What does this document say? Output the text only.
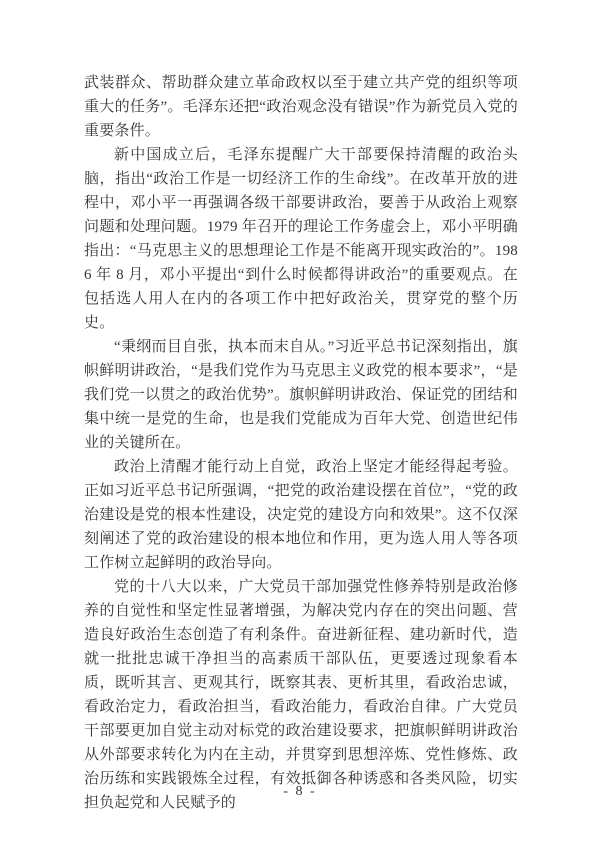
武装群众、帮助群众建立革命政权以至于建立共产党的组织等项重大的任务”。毛泽东还把“政治观念没有错误”作为新党员入党的重要条件。

新中国成立后，毛泽东提醒广大干部要保持清醒的政治头脑，指出“政治工作是一切经济工作的生命线”。在改革开放的进程中，邓小平一再强调各级干部要讲政治，要善于从政治上观察问题和处理问题。1979 年召开的理论工作务虚会上，邓小平明确指出：“马克思主义的思想理论工作是不能离开现实政治的”。1986 年 8 月，邓小平提出“到什么时候都得讲政治”的重要观点。在包括选人用人在内的各项工作中把好政治关，贯穿党的整个历史。

“秉纲而目自张，执本而末自从。”习近平总书记深刻指出，旗帜鲜明讲政治，“是我们党作为马克思主义政党的根本要求”，“是我们党一以贯之的政治优势”。旗帜鲜明讲政治、保证党的团结和集中统一是党的生命，也是我们党能成为百年大党、创造世纪伟业的关键所在。

政治上清醒才能行动上自觉，政治上坚定才能经得起考验。正如习近平总书记所强调，“把党的政治建设摆在首位”，“党的政治建设是党的根本性建设，决定党的建设方向和效果”。这不仅深刻阐述了党的政治建设的根本地位和作用，更为选人用人等各项工作树立起鲜明的政治导向。

党的十八大以来，广大党员干部加强党性修养特别是政治修养的自觉性和坚定性显著增强，为解决党内存在的突出问题、营造良好政治生态创造了有利条件。奋进新征程、建功新时代，造就一批批忠诚干净担当的高素质干部队伍，更要透过现象看本质，既听其言、更观其行，既察其表、更析其里，看政治忠诚，看政治定力，看政治担当，看政治能力，看政治自律。广大党员干部要更加自觉主动对标党的政治建设要求，把旗帜鲜明讲政治从外部要求转化为内在主动，并贯穿到思想淬炼、党性修炼、政治历练和实践锻炼全过程，有效抵御各种诱惑和各类风险，切实担负起党和人民赋予的

- 8 -
